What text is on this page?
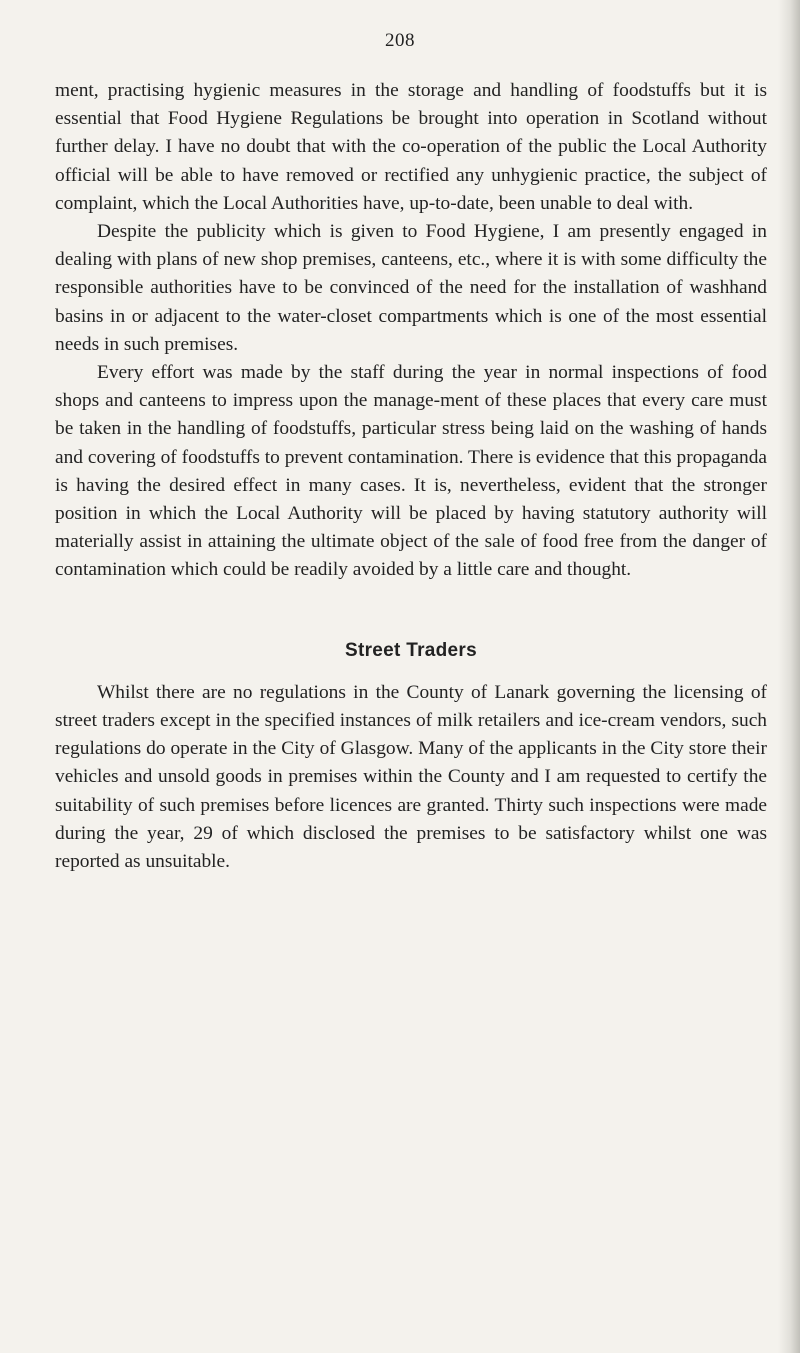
208

ment, practising hygienic measures in the storage and handling of foodstuffs but it is essential that Food Hygiene Regulations be brought into operation in Scotland without further delay. I have no doubt that with the co-operation of the public the Local Authority official will be able to have removed or rectified any unhygienic practice, the subject of complaint, which the Local Authorities have, up-to-date, been unable to deal with.

Despite the publicity which is given to Food Hygiene, I am presently engaged in dealing with plans of new shop premises, canteens, etc., where it is with some difficulty the responsible authorities have to be convinced of the need for the installation of washhand basins in or adjacent to the water-closet compartments which is one of the most essential needs in such premises.

Every effort was made by the staff during the year in normal inspections of food shops and canteens to impress upon the manage-ment of these places that every care must be taken in the handling of foodstuffs, particular stress being laid on the washing of hands and covering of foodstuffs to prevent contamination. There is evidence that this propaganda is having the desired effect in many cases. It is, nevertheless, evident that the stronger position in which the Local Authority will be placed by having statutory authority will materially assist in attaining the ultimate object of the sale of food free from the danger of contamination which could be readily avoided by a little care and thought.

Street Traders

Whilst there are no regulations in the County of Lanark governing the licensing of street traders except in the specified instances of milk retailers and ice-cream vendors, such regulations do operate in the City of Glasgow. Many of the applicants in the City store their vehicles and unsold goods in premises within the County and I am requested to certify the suitability of such premises before licences are granted. Thirty such inspections were made during the year, 29 of which disclosed the premises to be satisfactory whilst one was reported as unsuitable.
